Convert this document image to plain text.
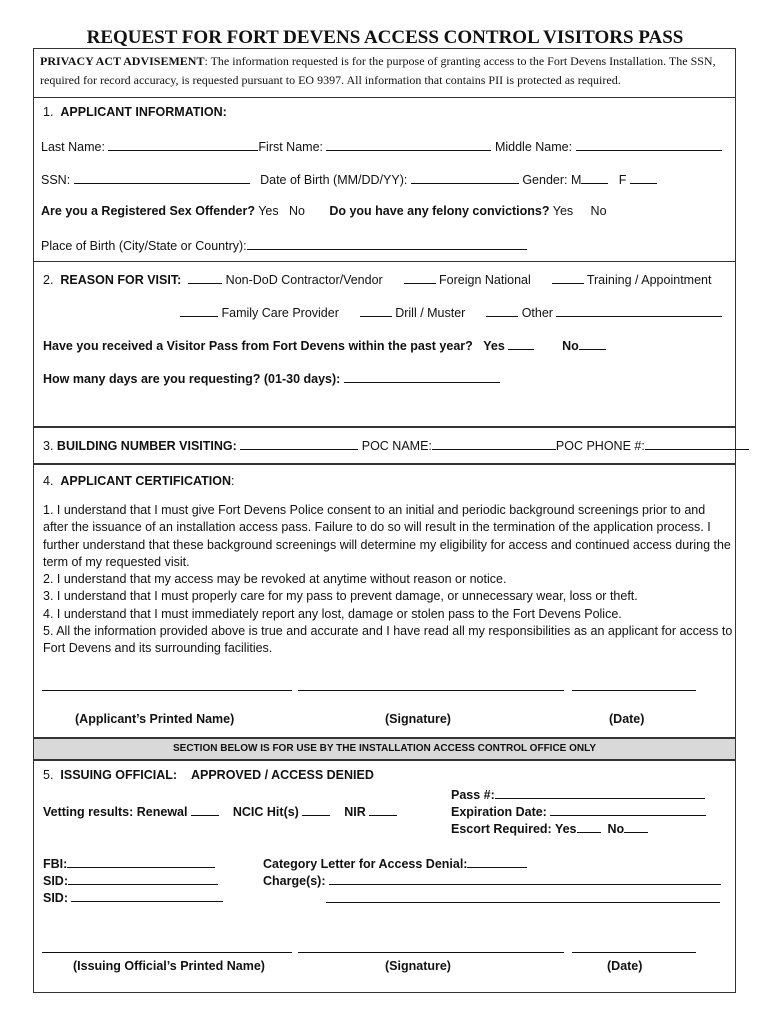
REQUEST FOR FORT DEVENS ACCESS CONTROL VISITORS PASS
PRIVACY ACT ADVISEMENT: The information requested is for the purpose of granting access to the Fort Devens Installation. The SSN, required for record accuracy, is requested pursuant to EO 9397. All information that contains PII is protected as required.
1. APPLICANT INFORMATION:
Last Name:	First Name:	Middle Name:
SSN:	Date of Birth (MM/DD/YY):	Gender: M	F
Are you a Registered Sex Offender? Yes No Do you have any felony convictions? Yes No
Place of Birth (City/State or Country):
2. REASON FOR VISIT:	Non-DoD Contractor/Vendor	Foreign National	Training / Appointment
Family Care Provider	Drill / Muster	Other
Have you received a Visitor Pass from Fort Devens within the past year? Yes	No
How many days are you requesting? (01-30 days):
3. BUILDING NUMBER VISITING:	POC NAME:	POC PHONE #:
4. APPLICANT CERTIFICATION:

1. I understand that I must give Fort Devens Police consent to an initial and periodic background screenings prior to and after the issuance of an installation access pass. Failure to do so will result in the termination of the application process. I further understand that these background screenings will determine my eligibility for access and continued access during the term of my requested visit.

2. I understand that my access may be revoked at anytime without reason or notice.

3. I understand that I must properly care for my pass to prevent damage, or unnecessary wear, loss or theft.

4. I understand that I must immediately report any lost, damage or stolen pass to the Fort Devens Police.

5. All the information provided above is true and accurate and I have read all my responsibilities as an applicant for access to Fort Devens and its surrounding facilities.

(Applicant’s Printed Name)	(Signature)	(Date)
SECTION BELOW IS FOR USE BY THE INSTALLATION ACCESS CONTROL OFFICE ONLY
5. ISSUING OFFICIAL: APPROVED / ACCESS DENIED
Pass #:
Vetting results: Renewal	NCIC Hit(s)	NIR	Expiration Date:
Escort Required: Yes No
FBI:
SID:
SID:
Category Letter for Access Denial:
Charge(s):
(Issuing Official’s Printed Name)	(Signature)	(Date)
